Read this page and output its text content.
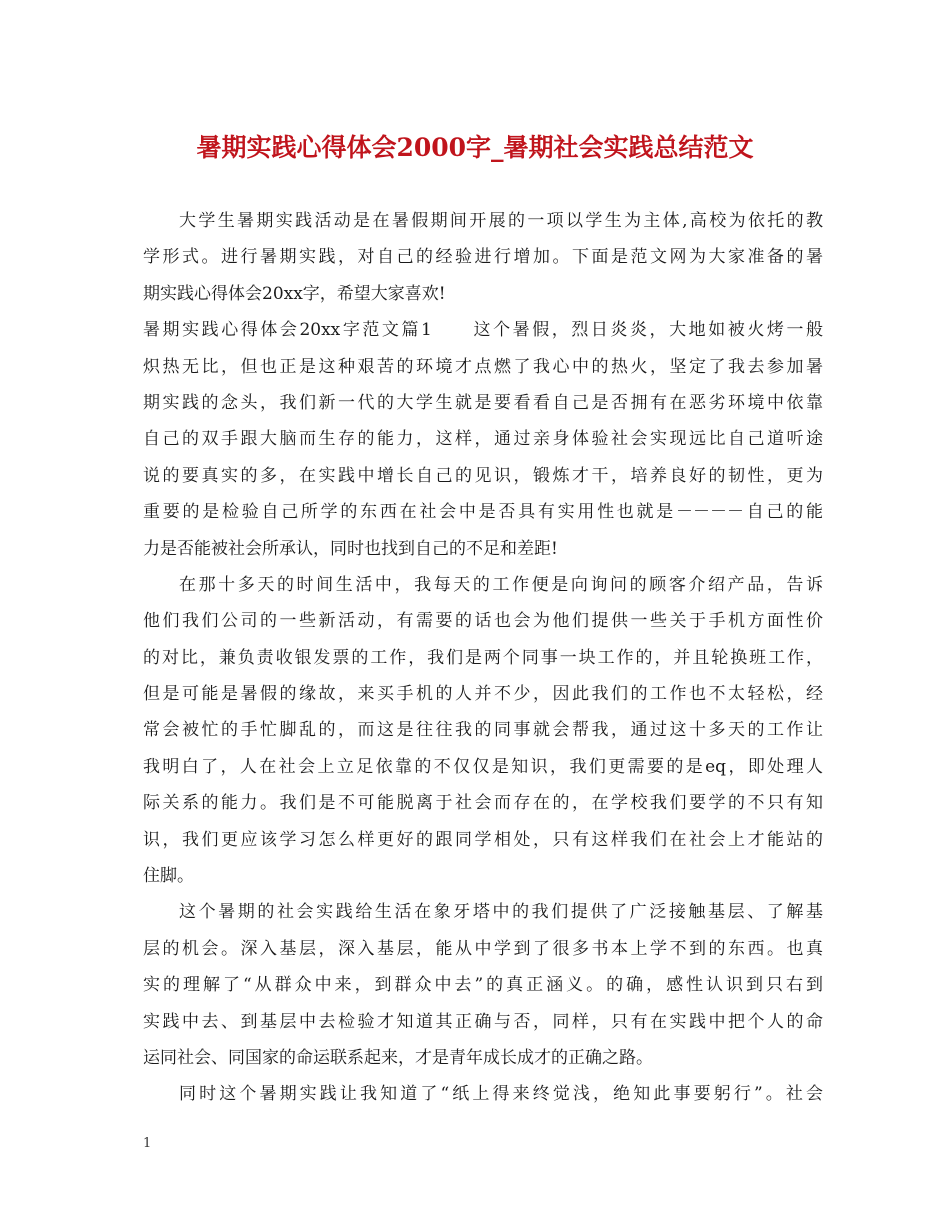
暑期实践心得体会2000字_暑期社会实践总结范文
大学生暑期实践活动是在暑假期间开展的一项以学生为主体,高校为依托的教
学形式。进行暑期实践，对自己的经验进行增加。下面是范文网为大家准备的暑
期实践心得体会20xx字，希望大家喜欢!
暑期实践心得体会20xx字范文篇1　　这个暑假，烈日炎炎，大地如被火烤一般
炽热无比，但也正是这种艰苦的环境才点燃了我心中的热火，坚定了我去参加暑
期实践的念头，我们新一代的大学生就是要看看自己是否拥有在恶劣环境中依靠
自己的双手跟大脑而生存的能力，这样，通过亲身体验社会实现远比自己道听途
说的要真实的多，在实践中增长自己的见识，锻炼才干，培养良好的韧性，更为
重要的是检验自己所学的东西在社会中是否具有实用性也就是－－－－自己的能
力是否能被社会所承认，同时也找到自己的不足和差距!
在那十多天的时间生活中，我每天的工作便是向询问的顾客介绍产品，告诉
他们我们公司的一些新活动，有需要的话也会为他们提供一些关于手机方面性价
的对比，兼负责收银发票的工作，我们是两个同事一块工作的，并且轮换班工作，
但是可能是暑假的缘故，来买手机的人并不少，因此我们的工作也不太轻松，经
常会被忙的手忙脚乱的，而这是往往我的同事就会帮我，通过这十多天的工作让
我明白了，人在社会上立足依靠的不仅仅是知识，我们更需要的是eq，即处理人
际关系的能力。我们是不可能脱离于社会而存在的，在学校我们要学的不只有知
识，我们更应该学习怎么样更好的跟同学相处，只有这样我们在社会上才能站的
住脚。
这个暑期的社会实践给生活在象牙塔中的我们提供了广泛接触基层、了解基
层的机会。深入基层，深入基层，能从中学到了很多书本上学不到的东西。也真
实的理解了“从群众中来，到群众中去”的真正涵义。的确，感性认识到只右到
实践中去、到基层中去检验才知道其正确与否，同样，只有在实践中把个人的命
运同社会、同国家的命运联系起来，才是青年成长成才的正确之路。
同时这个暑期实践让我知道了“纸上得来终觉浅，绝知此事要躬行”。社会
1
